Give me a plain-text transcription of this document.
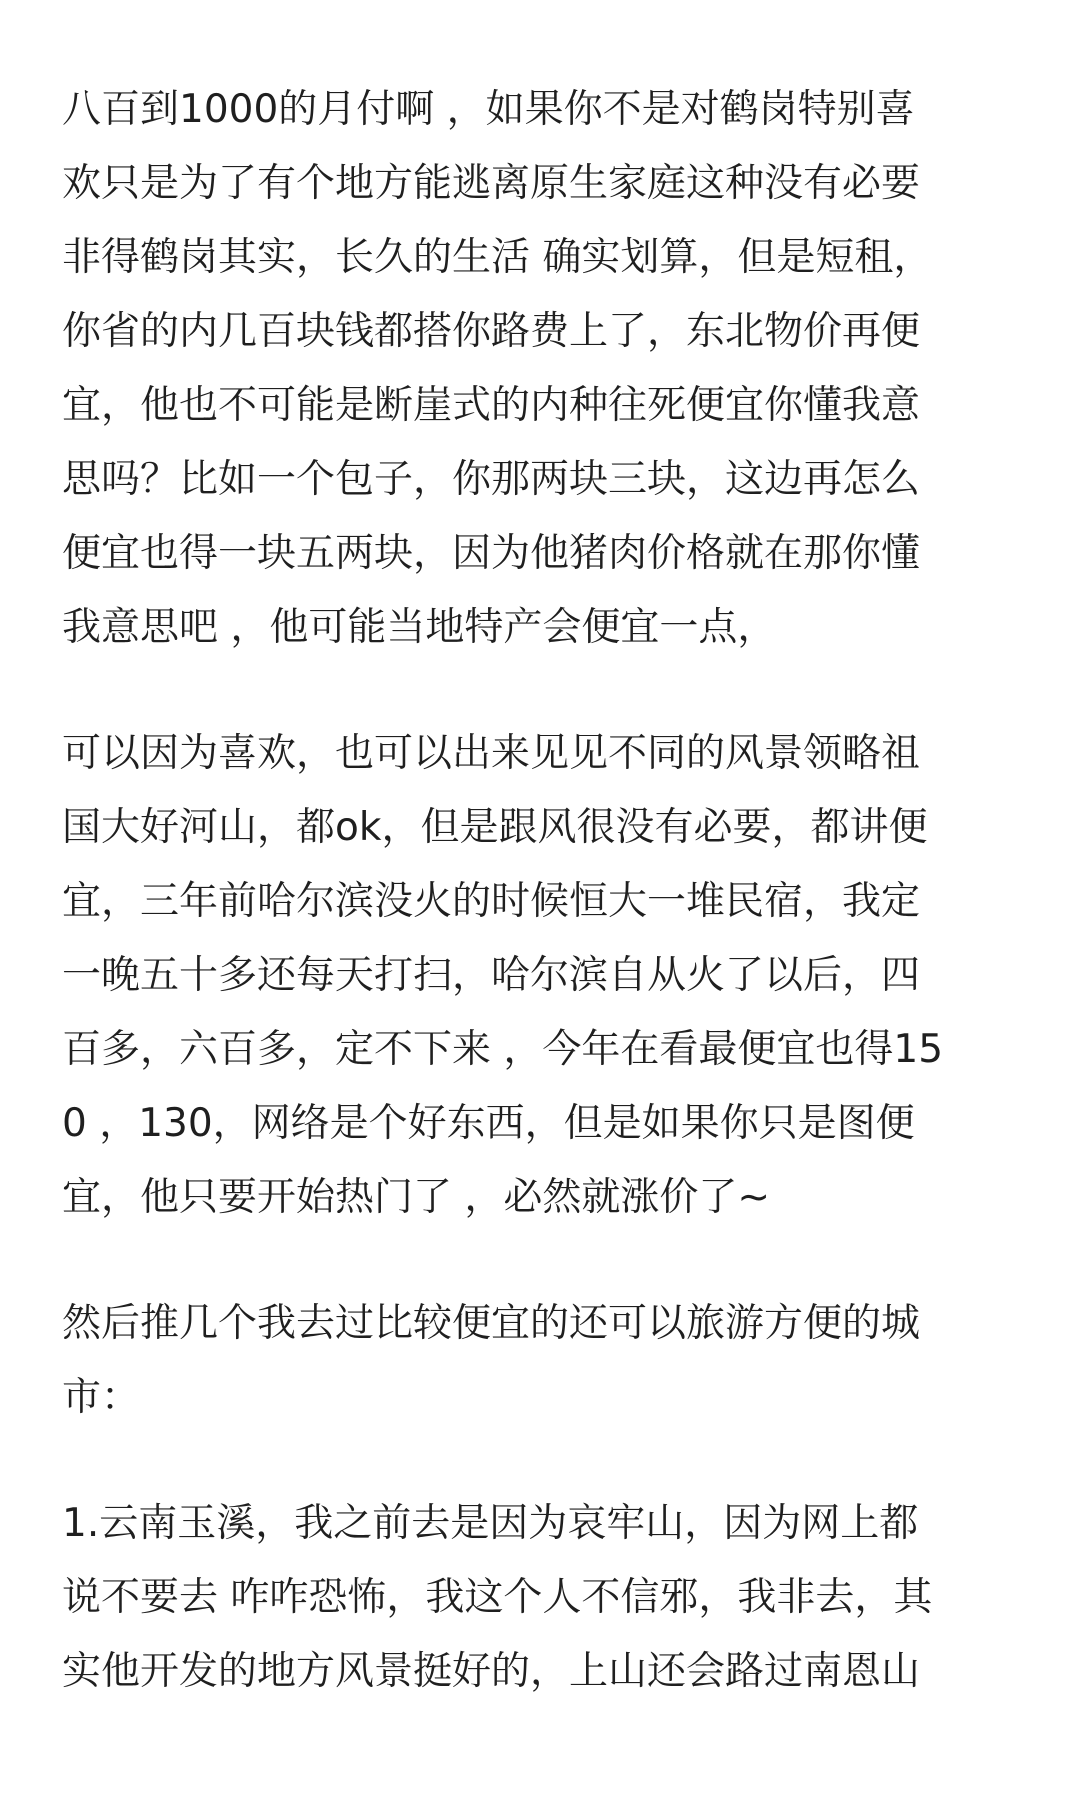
八百到1000的月付啊 ，如果你不是对鹤岗特别喜
欢只是为了有个地方能逃离原生家庭这种没有必要
非得鹤岗其实，长久的生活 确实划算，但是短租，
你省的内几百块钱都搭你路费上了，东北物价再便
宜，他也不可能是断崖式的内种往死便宜你懂我意
思吗？比如一个包子，你那两块三块，这边再怎么
便宜也得一块五两块，因为他猪肉价格就在那你懂
我意思吧 ，他可能当地特产会便宜一点，
可以因为喜欢，也可以出来见见不同的风景领略祖
国大好河山，都ok，但是跟风很没有必要，都讲便
宜，三年前哈尔滨没火的时候恒大一堆民宿，我定
一晚五十多还每天打扫，哈尔滨自从火了以后，四
百多，六百多，定不下来 ，今年在看最便宜也得15
0 ，130，网络是个好东西，但是如果你只是图便
宜，他只要开始热门了 ，必然就涨价了~
然后推几个我去过比较便宜的还可以旅游方便的城
市：
1.云南玉溪，我之前去是因为哀牢山，因为网上都
说不要去 咋咋恐怖，我这个人不信邪，我非去，其
实他开发的地方风景挺好的，上山还会路过南恩山
